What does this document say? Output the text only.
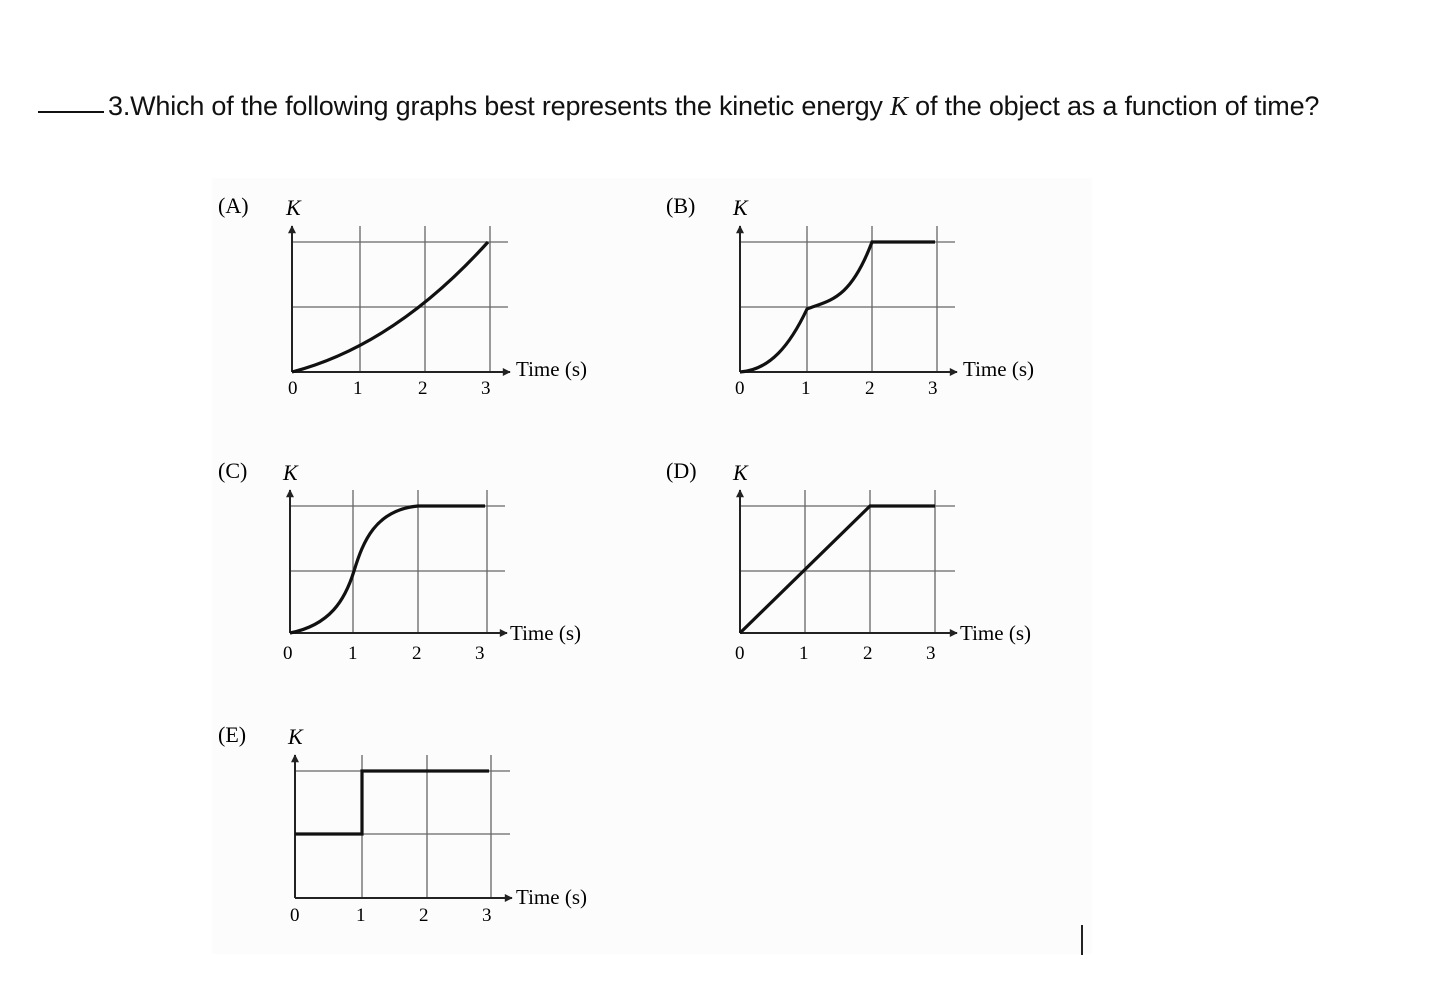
3.Which of the following graphs best represents the kinetic energy K of the object as a function of time?
(A) K
0	1	2	3
Time (s)
(B) K
0	1	2	3
Time (s)
(C) K
0	1	2	3
Time (s)
(D) K
0	1	2	3
Time (s)
(E) K
0	1	2	3
Time (s)
